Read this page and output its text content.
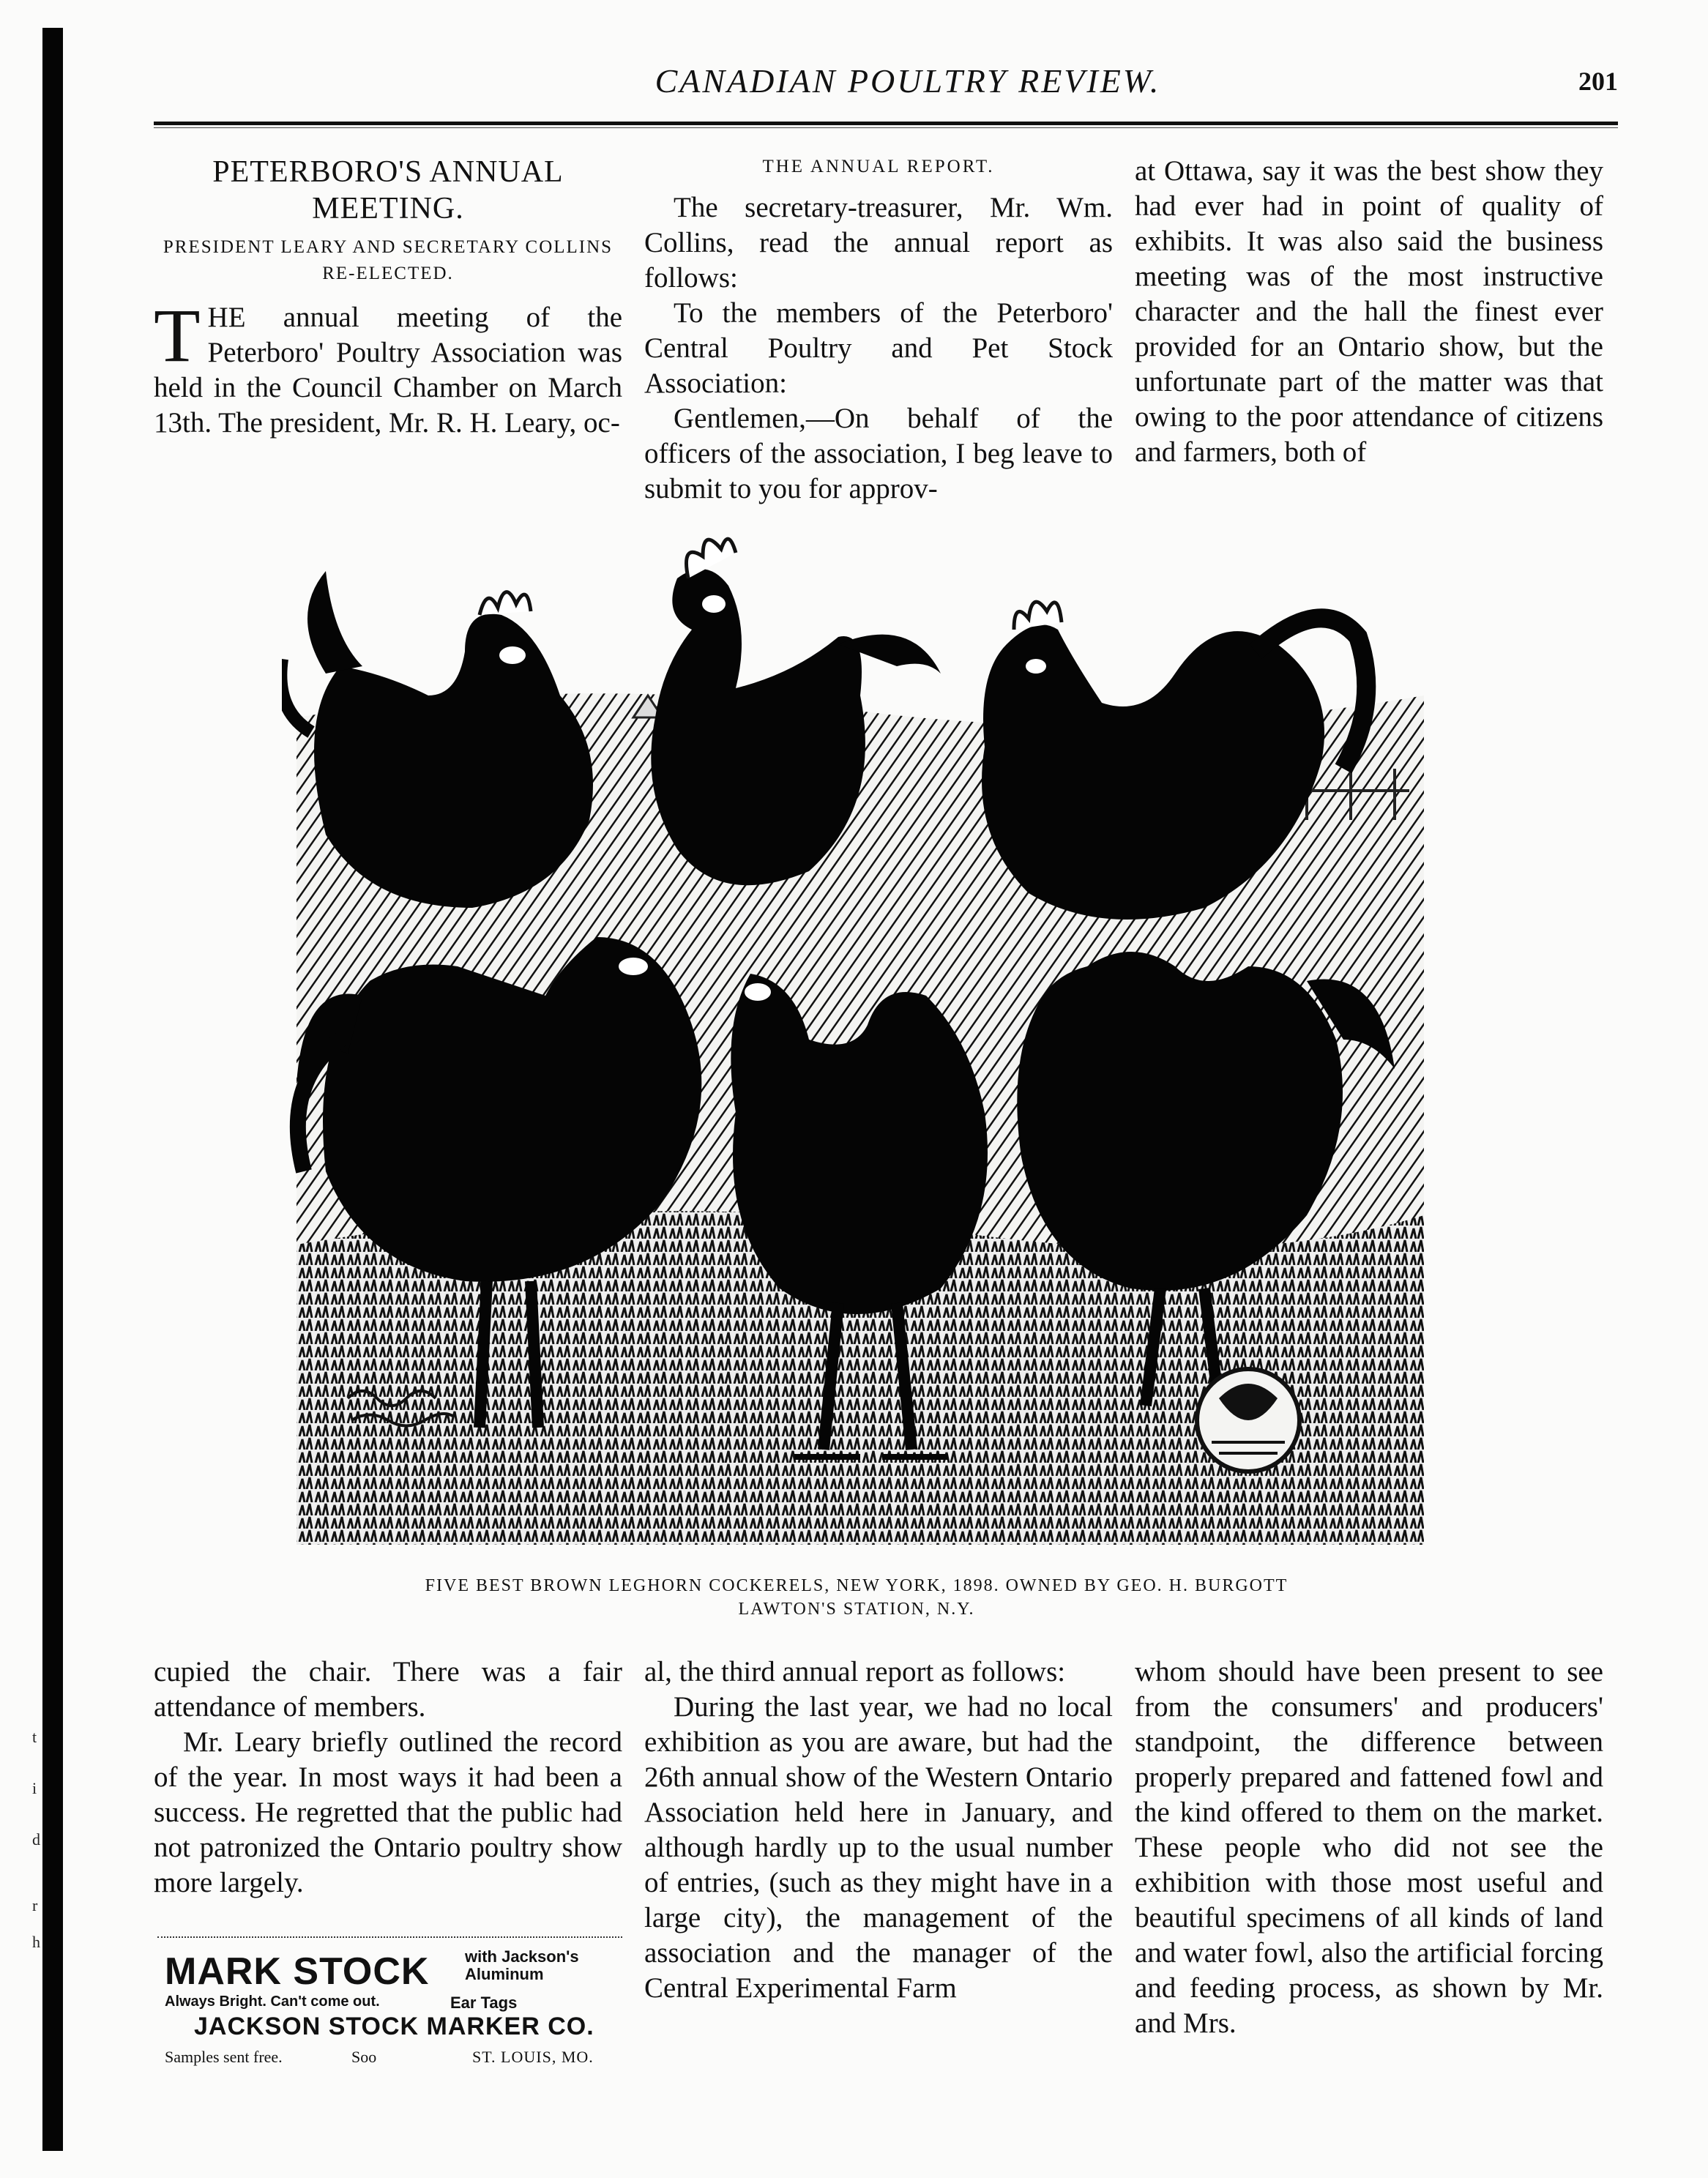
t
i
d
r
h
CANADIAN POULTRY REVIEW.	201
PETERBORO'S ANNUAL MEETING.
PRESIDENT LEARY AND SECRETARY COLLINS RE-ELECTED.

THE annual meeting of the Peterboro' Poultry Association was held in the Council Chamber on March 13th. The president, Mr. R. H. Leary, oc-

THE ANNUAL REPORT.

The secretary-treasurer, Mr. Wm. Collins, read the annual report as follows:

To the members of the Peterboro' Central Poultry and Pet Stock Association:

Gentlemen,—On behalf of the officers of the association, I beg leave to submit to you for approv-

at Ottawa, say it was the best show they had ever had in point of quality of exhibits. It was also said the business meeting was of the most instructive character and the hall the finest ever provided for an Ontario show, but the unfortunate part of the matter was that owing to the poor attendance of citizens and farmers, both of

FIVE BEST BROWN LEGHORN COCKERELS, NEW YORK, 1898. OWNED BY GEO. H. BURGOTT
LAWTON'S STATION, N.Y.

cupied the chair. There was a fair attendance of members.

Mr. Leary briefly outlined the record of the year. In most ways it had been a success. He regretted that the public had not patronized the Ontario poultry show more largely.

al, the third annual report as follows:

During the last year, we had no local exhibition as you are aware, but had the 26th annual show of the Western Ontario Association held here in January, and although hardly up to the usual number of entries, (such as they might have in a large city), the management of the association and the manager of the Central Experimental Farm

whom should have been present to see from the consumers' and producers' standpoint, the difference between properly prepared and fattened fowl and the kind offered to them on the market. These people who did not see the exhibition with those most useful and beautiful specimens of all kinds of land and water fowl, also the artificial forcing and feeding process, as shown by Mr. and Mrs.

MARK STOCK with Jackson's
Aluminum
Always Bright. Can't come out.	Ear Tags
JACKSON STOCK MARKER CO.
Samples sent free.	Soo	ST. LOUIS, MO.
